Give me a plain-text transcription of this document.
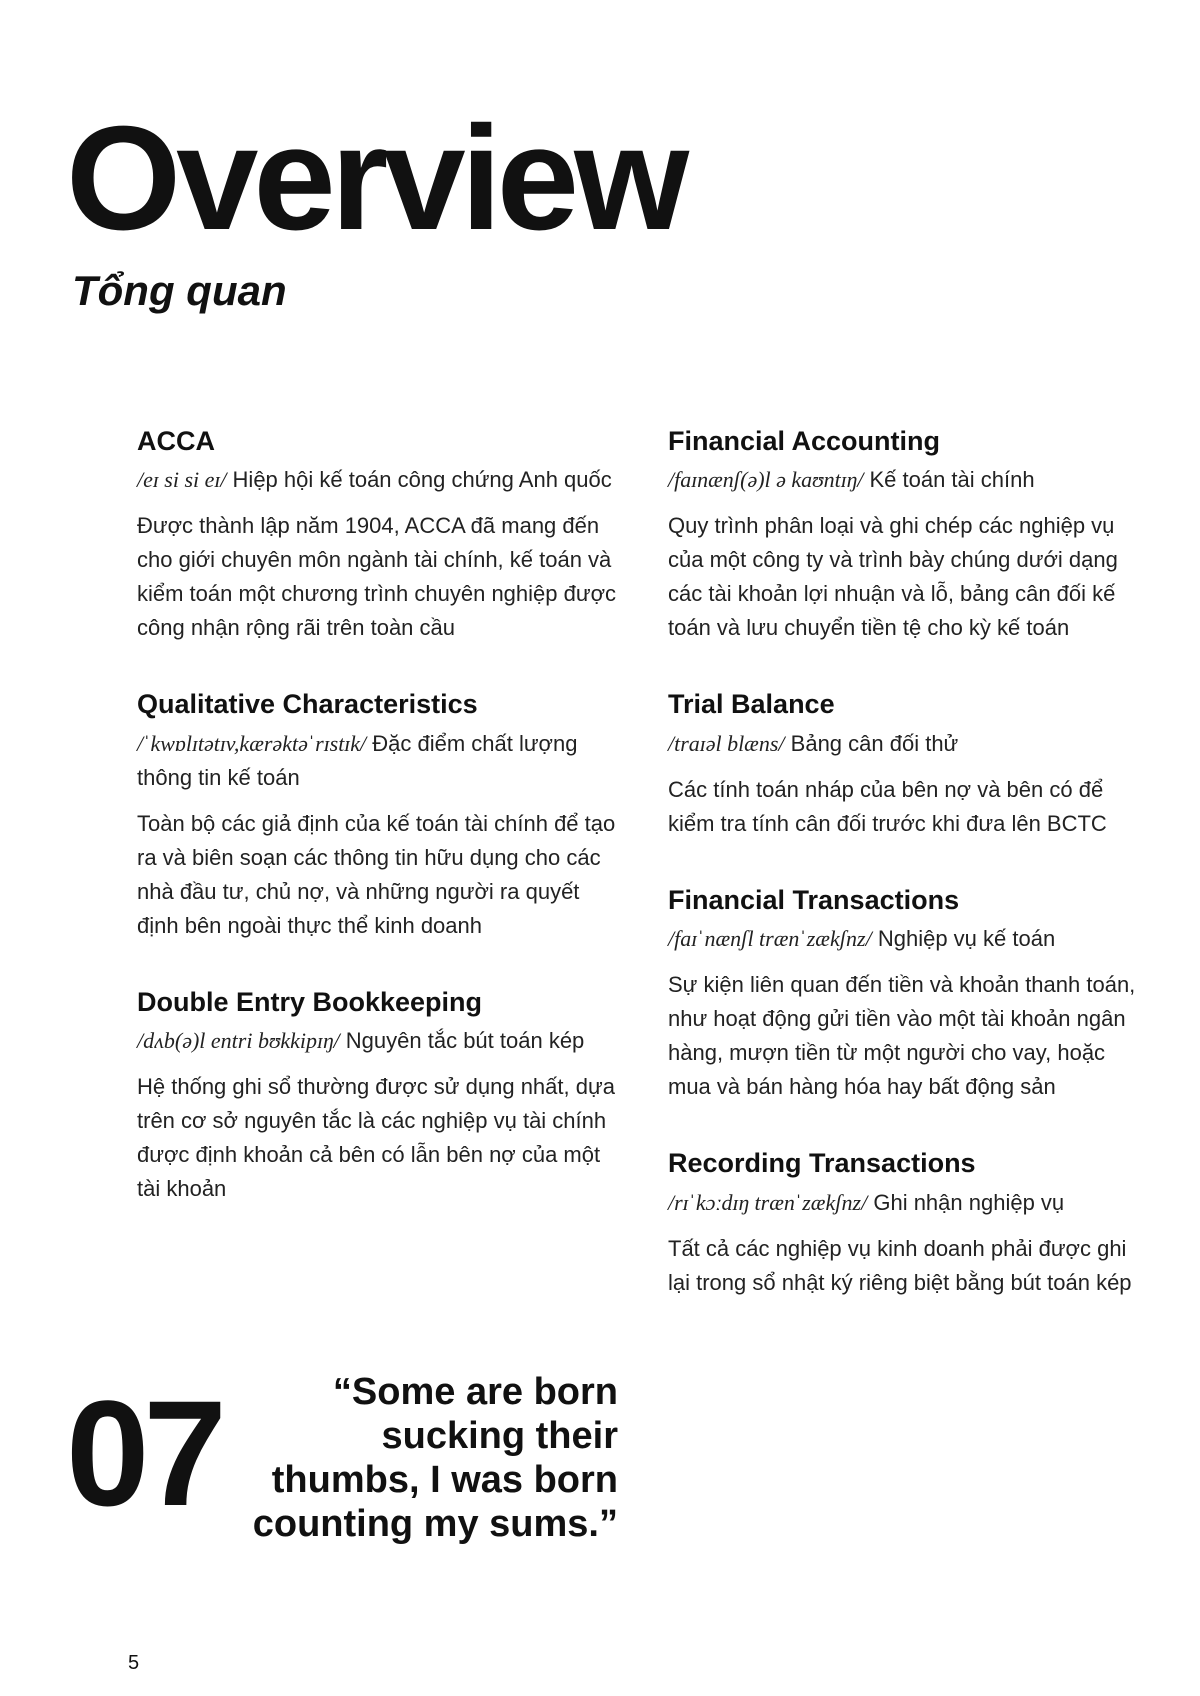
Overview
Tổng quan
ACCA

/eɪ si si eɪ/ Hiệp hội kế toán công chứng Anh quốc

Được thành lập năm 1904, ACCA đã mang đến cho giới chuyên môn ngành tài chính, kế toán và kiểm toán một chương trình chuyên nghiệp được công nhận rộng rãi trên toàn cầu

Qualitative Characteristics

/ˈkwɒlɪtətɪv,kærəktəˈrɪstɪk/ Đặc điểm chất lượng thông tin kế toán

Toàn bộ các giả định của kế toán tài chính để tạo ra và biên soạn các thông tin hữu dụng cho các nhà đầu tư, chủ nợ, và những người ra quyết định bên ngoài thực thể kinh doanh

Double Entry Bookkeeping

/dʌb(ə)l entri bʊkkipɪŋ/ Nguyên tắc bút toán kép

Hệ thống ghi sổ thường được sử dụng nhất, dựa trên cơ sở nguyên tắc là các nghiệp vụ tài chính được định khoản cả bên có lẫn bên nợ của một tài khoản

Financial Accounting

/faɪnænʃ(ə)l ə kaʊntɪŋ/ Kế toán tài chính

Quy trình phân loại và ghi chép các nghiệp vụ của một công ty và trình bày chúng dưới dạng các tài khoản lợi nhuận và lỗ, bảng cân đối kế toán và lưu chuyển tiền tệ cho kỳ kế toán

Trial Balance

/traɪəl blæns/ Bảng cân đối thử

Các tính toán nháp của bên nợ và bên có để kiểm tra tính cân đối trước khi đưa lên BCTC

Financial Transactions

/faɪˈnænʃl trænˈzækʃnz/ Nghiệp vụ kế toán

Sự kiện liên quan đến tiền và khoản thanh toán, như hoạt động gửi tiền vào một tài khoản ngân hàng, mượn tiền từ một người cho vay, hoặc mua và bán hàng hóa hay bất động sản

Recording Transactions

/rɪˈkɔːdɪŋ trænˈzækʃnz/ Ghi nhận nghiệp vụ

Tất cả các nghiệp vụ kinh doanh phải được ghi lại trong sổ nhật ký riêng biệt bằng bút toán kép

07	“Some are born sucking their thumbs, I was born counting my sums.”

5
